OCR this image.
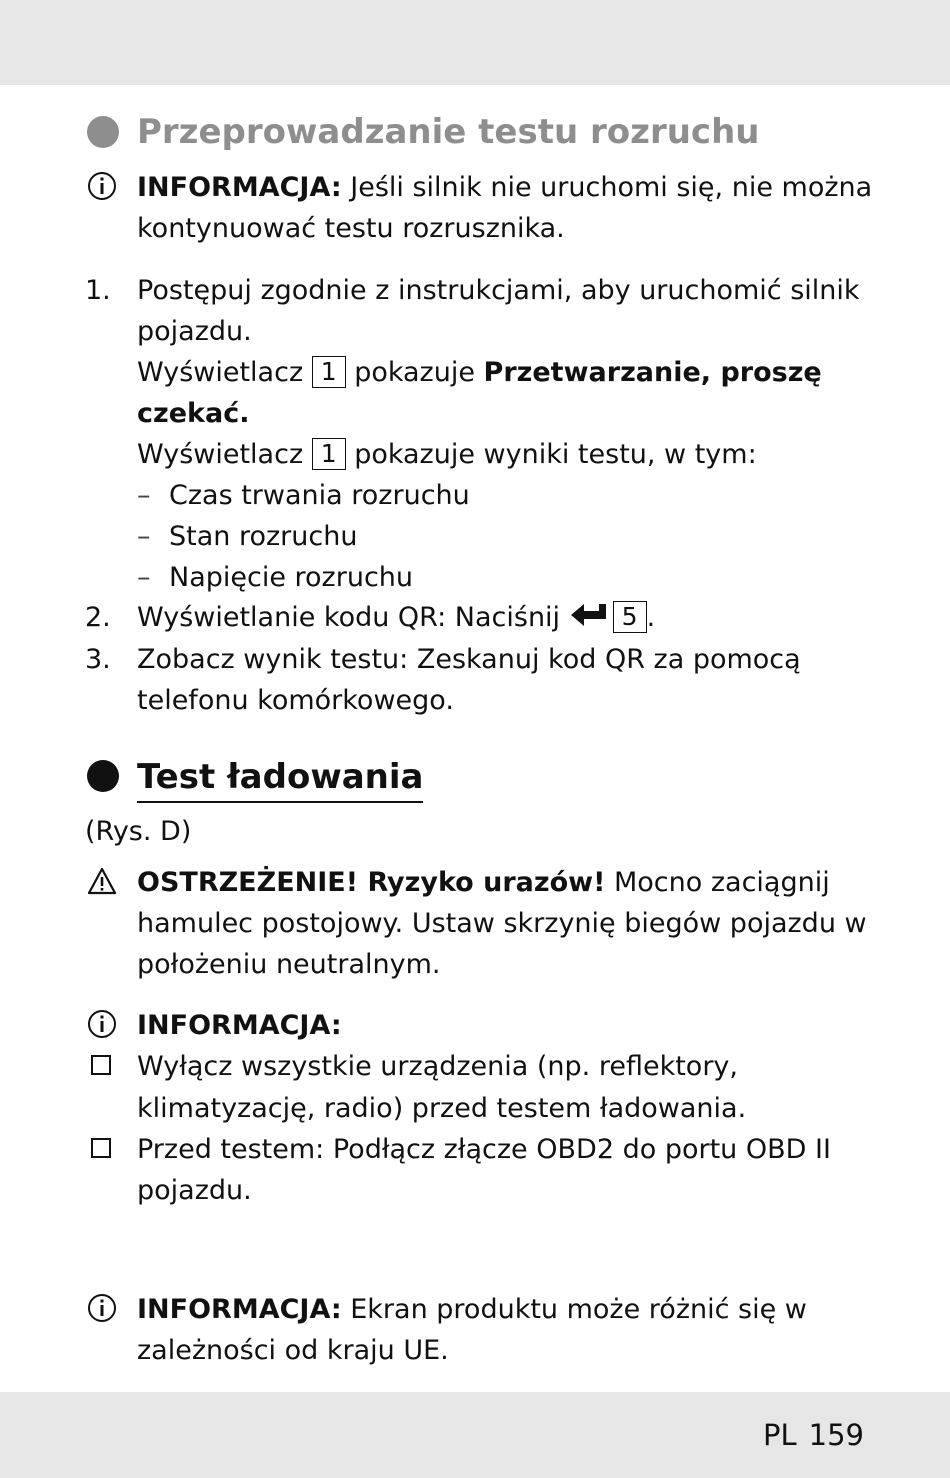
Przeprowadzanie testu rozruchu
INFORMACJA: Jeśli silnik nie uruchomi się, nie można
kontynuować testu rozrusznika.
1. Postępuj zgodnie z instrukcjami, aby uruchomić silnik
pojazdu.
Wyświetlacz 1 pokazuje Przetwarzanie, proszę
czekać.
Wyświetlacz 1 pokazuje wyniki testu, w tym:
– Czas trwania rozruchu
– Stan rozruchu
– Napięcie rozruchu
2. Wyświetlanie kodu QR: Naciśnij 5 .
3. Zobacz wynik testu: Zeskanuj kod QR za pomocą
telefonu komórkowego.
Test ładowania
(Rys. D)
OSTRZEŻENIE! Ryzyko urazów! Mocno zaciągnij
hamulec postojowy. Ustaw skrzynię biegów pojazdu w
położeniu neutralnym.
INFORMACJA:
Wyłącz wszystkie urządzenia (np. reflektory,
klimatyzację, radio) przed testem ładowania.
Przed testem: Podłącz złącze OBD2 do portu OBD II
pojazdu.
INFORMACJA: Ekran produktu może różnić się w
zależności od kraju UE.
PL 159
